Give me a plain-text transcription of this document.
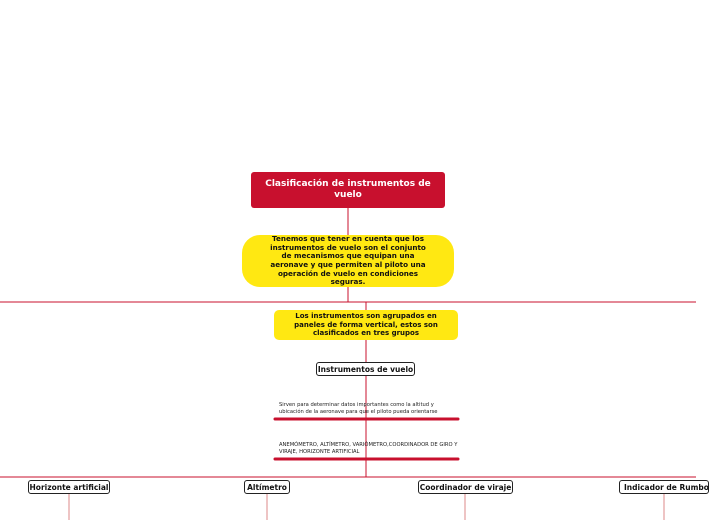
Clasificación de instrumentos de vuelo
Tenemos que tener en cuenta que los instrumentos de vuelo son el conjunto de mecanismos que equipan una aeronave y que permiten al piloto una operación de vuelo en condiciones seguras.
Los instrumentos son agrupados en paneles de forma vertical, estos son clasificados en tres grupos
Instrumentos de vuelo
Sirven para determinar datos importantes como la altitud y ubicación de la aeronave para que el piloto pueda orientarse
ANEMÓMETRO, ALTÍMETRO, VARIÓMETRO,COORDINADOR DE GIRO Y VIRAJE, HORIZONTE ARTIFICIAL
Horizonte artificial	Altímetro	Coordinador de viraje	Indicador de Rumbo
